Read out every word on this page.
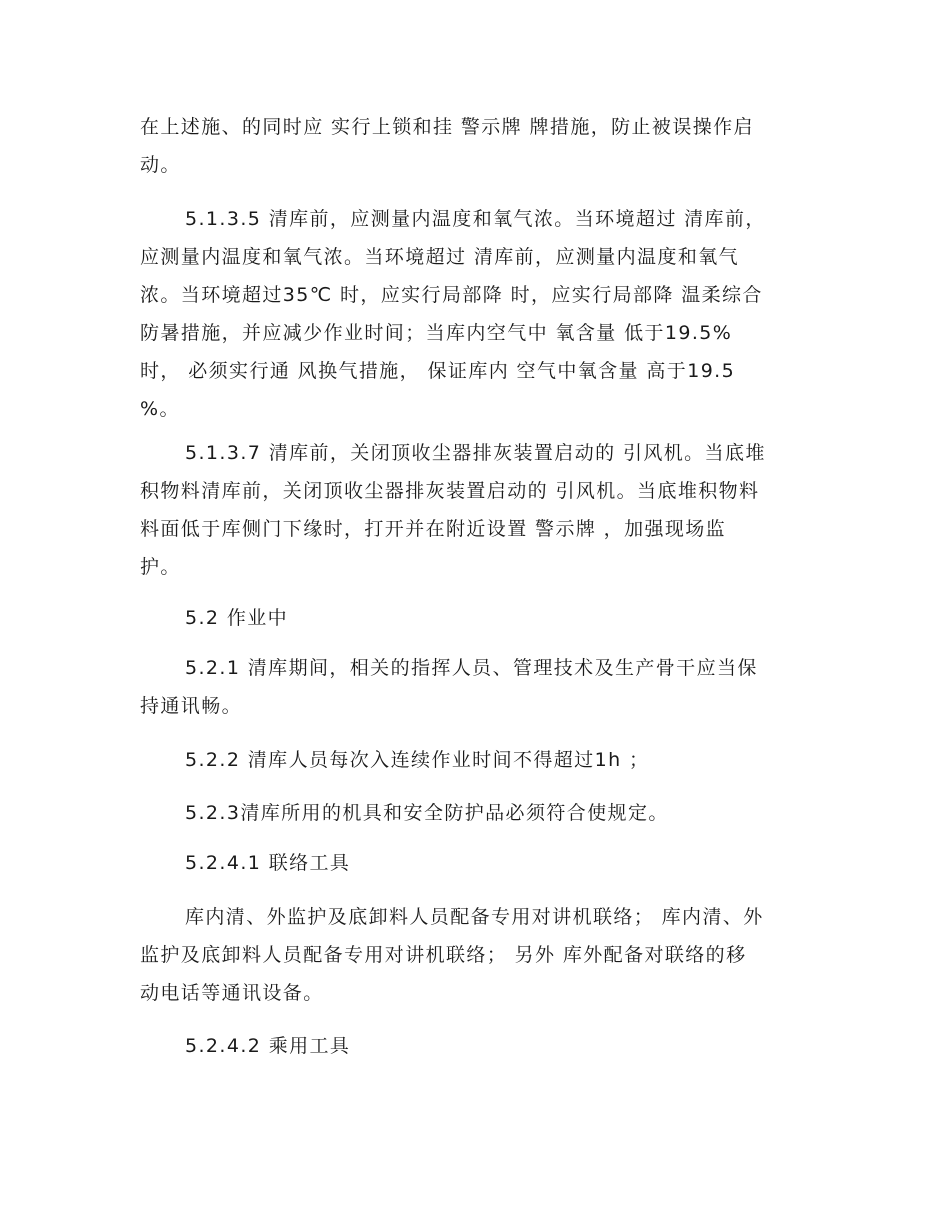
在上述施、的同时应 实行上锁和挂 警示牌 牌措施，防止被误操作启
动。
5.1.3.5 清库前，应测量内温度和氧气浓。当环境超过 清库前，
应测量内温度和氧气浓。当环境超过 清库前，应测量内温度和氧气
浓。当环境超过35℃ 时，应实行局部降 时，应实行局部降 温柔综合
防暑措施，并应减少作业时间；当库内空气中 氧含量 低于19.5%
时， 必须实行通 风换气措施， 保证库内 空气中氧含量 高于19.5
%。
5.1.3.7 清库前，关闭顶收尘器排灰装置启动的 引风机。当底堆
积物料清库前，关闭顶收尘器排灰装置启动的 引风机。当底堆积物料
料面低于库侧门下缘时，打开并在附近设置 警示牌 ，加强现场监
护。
5.2 作业中
5.2.1 清库期间，相关的指挥人员、管理技术及生产骨干应当保
持通讯畅。
5.2.2 清库人员每次入连续作业时间不得超过1h ；
5.2.3清库所用的机具和安全防护品必须符合使规定。
5.2.4.1 联络工具
库内清、外监护及底卸料人员配备专用对讲机联络； 库内清、外
监护及底卸料人员配备专用对讲机联络； 另外 库外配备对联络的移
动电话等通讯设备。
5.2.4.2 乘用工具
